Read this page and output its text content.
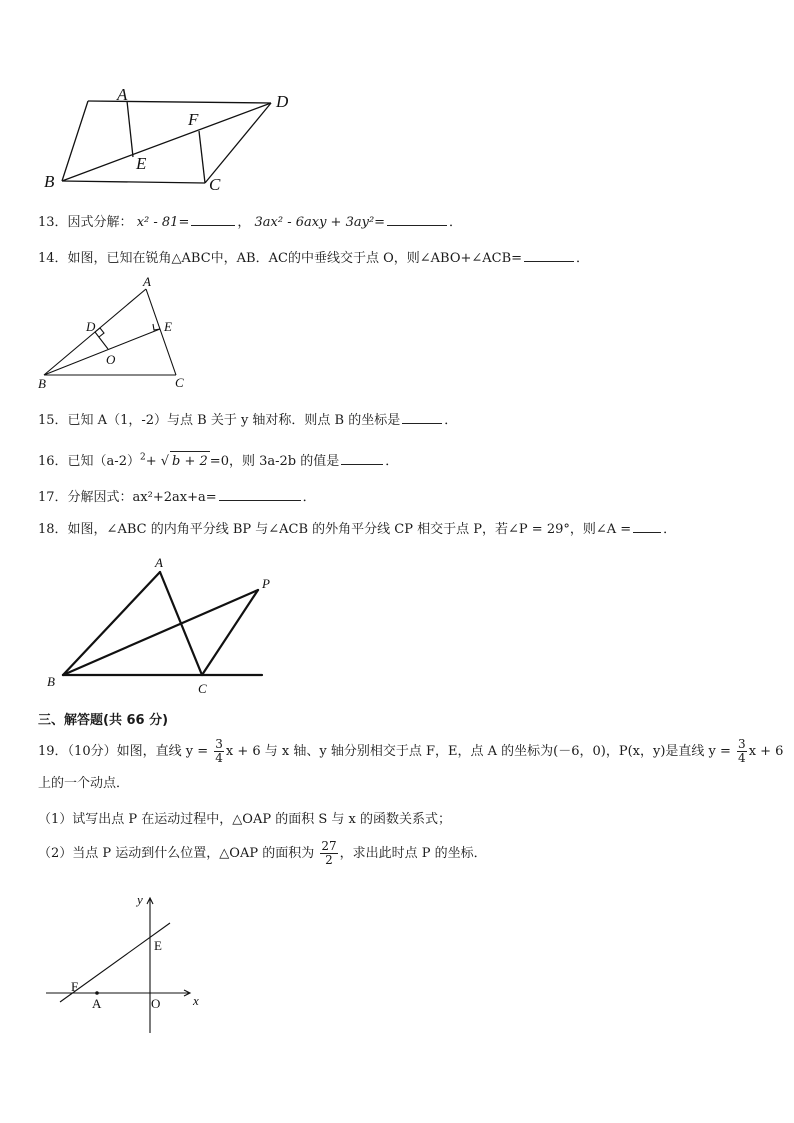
A	D
F
E
B	C
13．因式分解： x² - 81=	， 3ax² - 6axy + 3ay²=	．
14．如图，已知在锐角△ABC中，AB．AC的中垂线交于点 O，则∠ABO+∠ACB=	．
A
D	E
O
B	C
15．已知 A（1，-2）与点 B 关于 y 轴对称．则点 B 的坐标是	．
16．已知$(a-2)^2+$ √ b + 2 =0，则 3a-2b 的值是	．
17．分解因式：ax²+2ax+a=	．
18．如图，∠ABC 的内角平分线 BP 与∠ACB 的外角平分线 CP 相交于点 P，若∠P = 29°，则∠A = ．
A
P
B	C
三、解答题(共 66 分)
19．（10分）如图，直线 $y = \frac{3}{4}$ x + 6 与 x 轴、y 轴分别相交于点 F，E，点 A 的坐标为(－6，0)，P(x，y)是直线 $y = \frac{3}{4}$ x + 6
上的一个动点．
（1）试写出点 P 在运动过程中，△OAP 的面积 S 与 x 的函数关系式；
（2）当点 P 运动到什么位置，△OAP 的面积为 $\frac{27}{2}$ ，求出此时点 P 的坐标．
y
x
E
F
A	O
